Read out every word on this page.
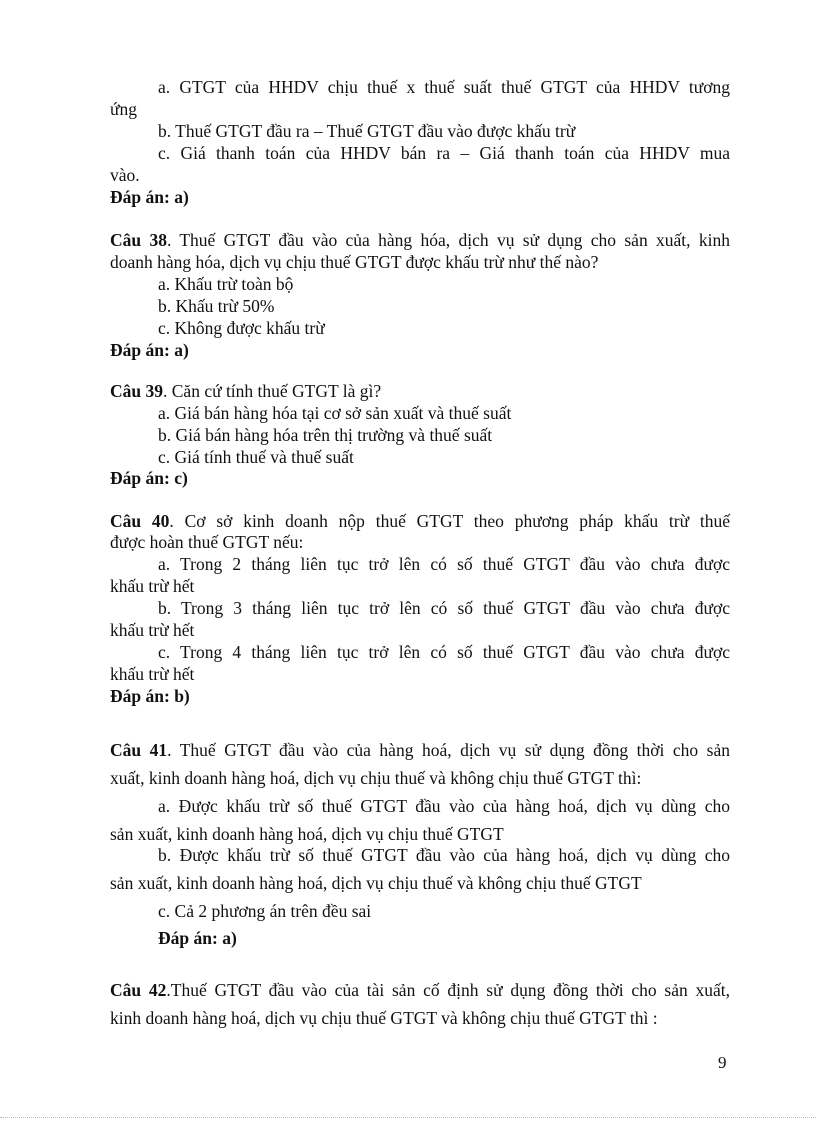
a. GTGT của HHDV chịu thuế x thuế suất thuế GTGT của HHDV tương
ứng
b. Thuế GTGT đầu ra – Thuế GTGT đầu vào được khấu trừ
c. Giá thanh toán của HHDV bán ra – Giá thanh toán của HHDV mua
vào.
Đáp án: a)
Câu 38. Thuế GTGT đầu vào của hàng hóa, dịch vụ sử dụng cho sản xuất, kinh
doanh hàng hóa, dịch vụ chịu thuế GTGT được khấu trừ như thế nào?
a. Khấu trừ toàn bộ
b. Khấu trừ 50%
c. Không được khấu trừ
Đáp án: a)
Câu 39. Căn cứ tính thuế GTGT là gì?
a. Giá bán hàng hóa tại cơ sở sản xuất và thuế suất
b. Giá bán hàng hóa trên thị trường và thuế suất
c. Giá tính thuế và thuế suất
Đáp án: c)
Câu 40. Cơ sở kinh doanh nộp thuế GTGT theo phương pháp khấu trừ thuế
được hoàn thuế GTGT nếu:
a. Trong 2 tháng liên tục trở lên có số thuế GTGT đầu vào chưa được
khấu trừ hết
b. Trong 3 tháng liên tục trở lên có số thuế GTGT đầu vào chưa được
khấu trừ hết
c. Trong 4 tháng liên tục trở lên có số thuế GTGT đầu vào chưa được
khấu trừ hết
Đáp án: b)
Câu 41. Thuế GTGT đầu vào của hàng hoá, dịch vụ sử dụng đồng thời cho sản
xuất, kinh doanh hàng hoá, dịch vụ chịu thuế và không chịu thuế GTGT thì:
a. Được khấu trừ số thuế GTGT đầu vào của hàng hoá, dịch vụ dùng cho
sản xuất, kinh doanh hàng hoá, dịch vụ chịu thuế GTGT
b. Được khấu trừ số thuế GTGT đầu vào của hàng hoá, dịch vụ dùng cho
sản xuất, kinh doanh hàng hoá, dịch vụ chịu thuế và không chịu thuế GTGT
c. Cả 2 phương án trên đều sai
Đáp án: a)
Câu 42.Thuế GTGT đầu vào của tài sản cố định sử dụng đồng thời cho sản xuất,
kinh doanh hàng hoá, dịch vụ chịu thuế GTGT và không chịu thuế GTGT thì :
9
